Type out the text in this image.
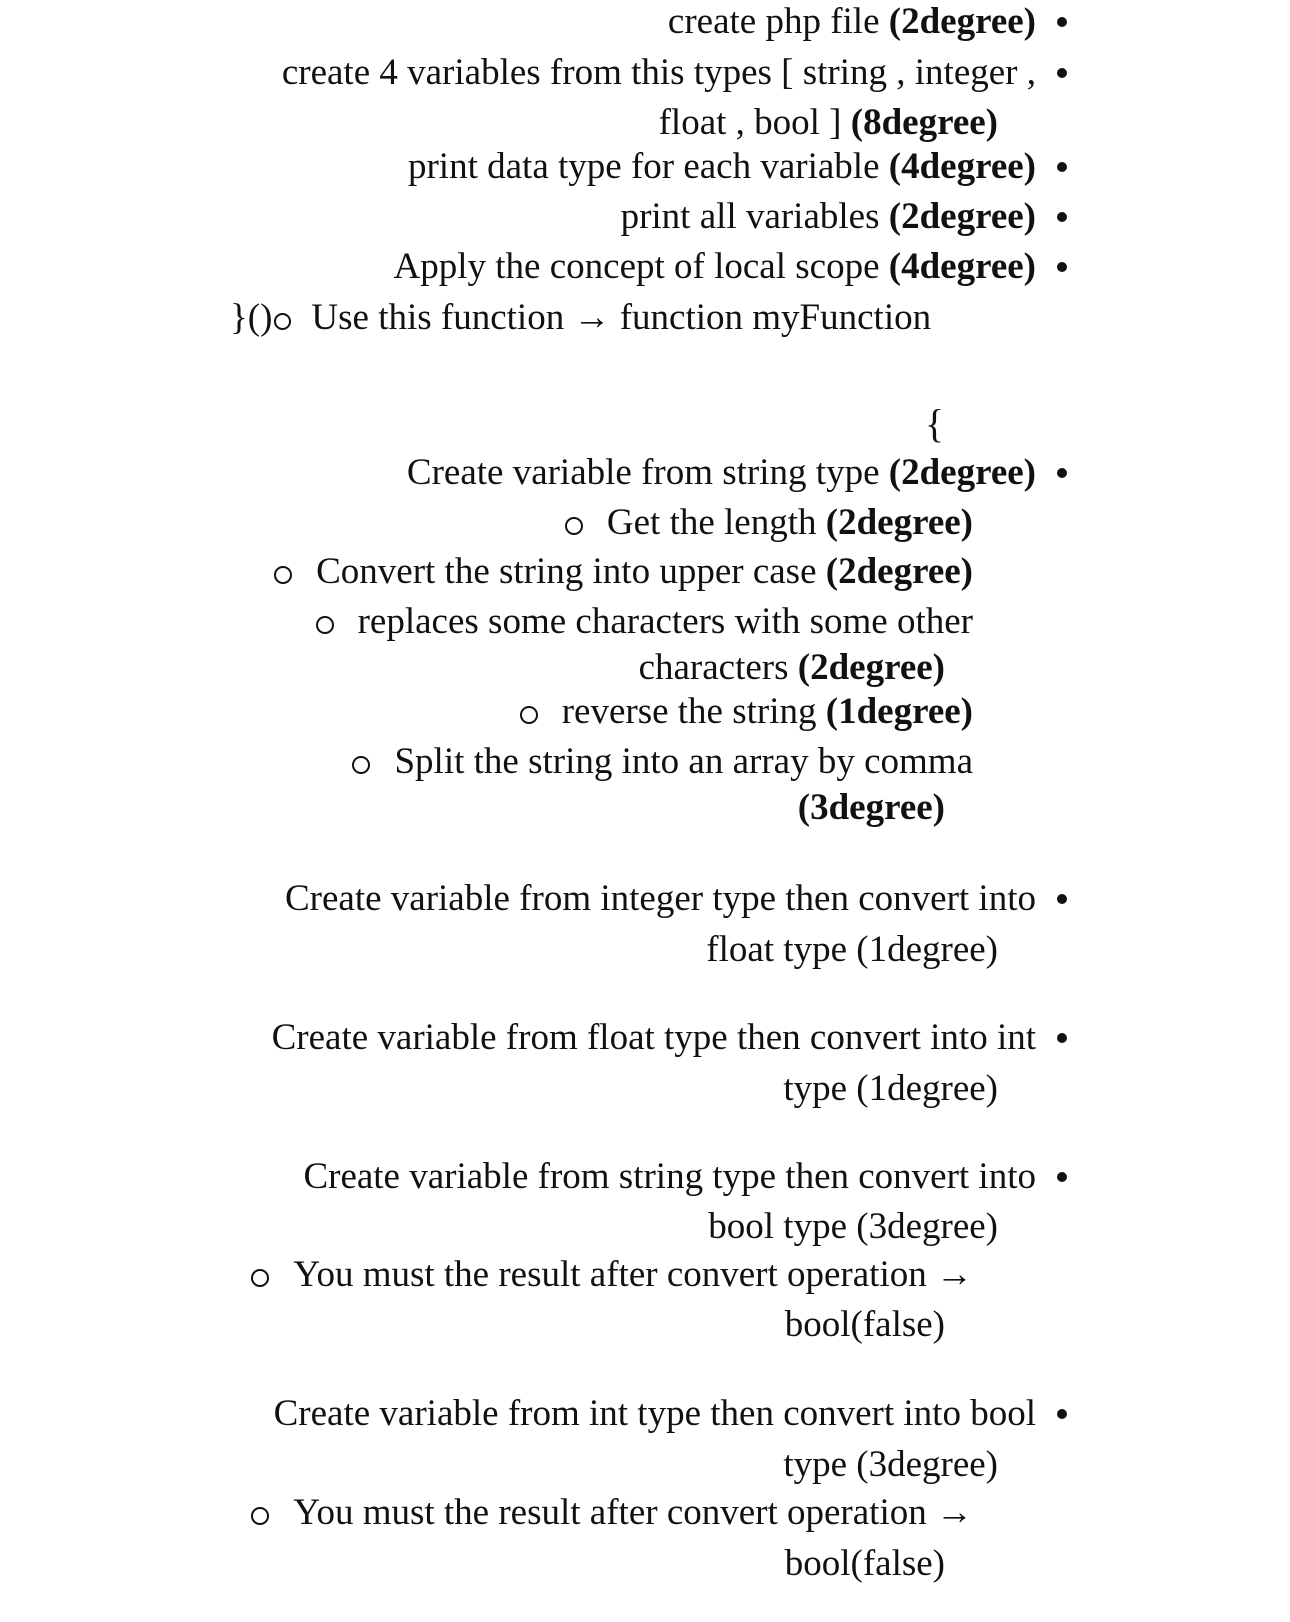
create php file (2degree)
create 4 variables from this types [ string , integer ,
float , bool ] (8degree)
print data type for each variable (4degree)
print all variables (2degree)
Apply the concept of local scope (4degree)
}() Use this function → function myFunction
{
Create variable from string type (2degree)
Get the length (2degree)
Convert the string into upper case (2degree)
replaces some characters with some other
characters (2degree)
reverse the string (1degree)
Split the string into an array by comma
(3degree)
Create variable from integer type then convert into
float type (1degree)
Create variable from float type then convert into int
type (1degree)
Create variable from string type then convert into
bool type (3degree)
You must the result after convert operation →
bool(false)
Create variable from int type then convert into bool
type (3degree)
You must the result after convert operation →
bool(false)
